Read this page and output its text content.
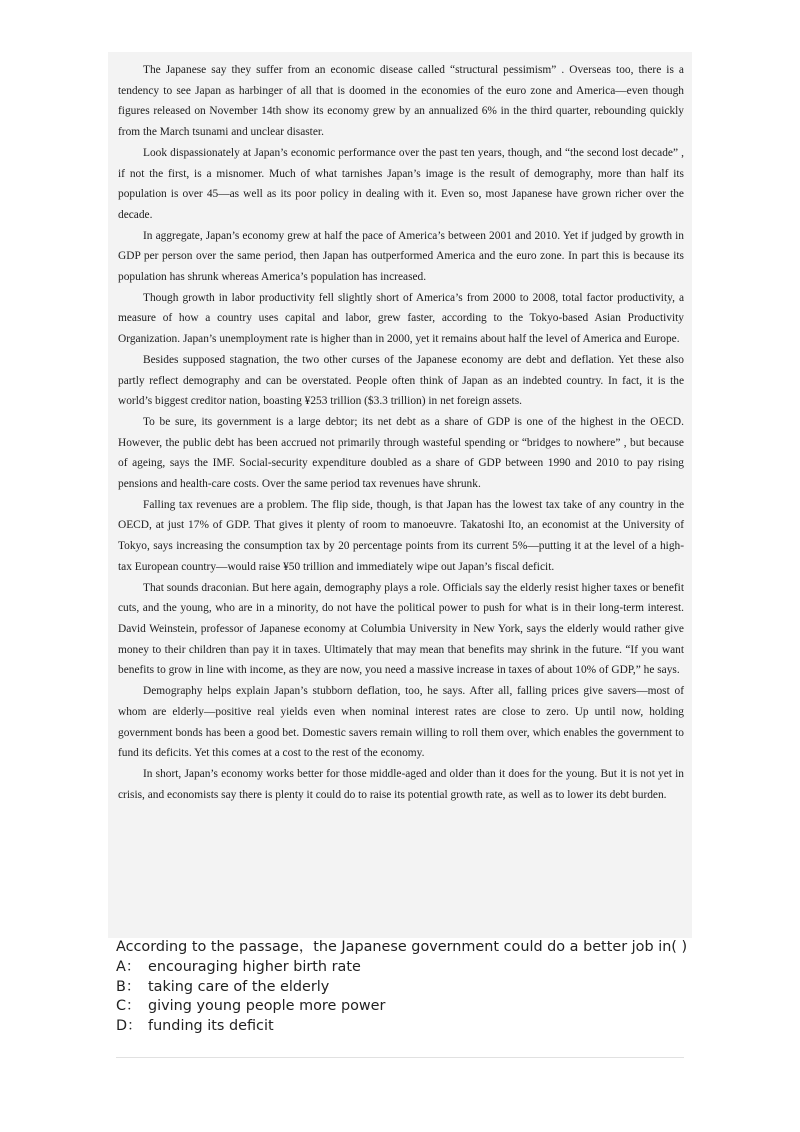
The Japanese say they suffer from an economic disease called “structural pessimism” . Overseas too, there is a tendency to see Japan as harbinger of all that is doomed in the economies of the euro zone and America—even though figures released on November 14th show its economy grew by an annualized 6% in the third quarter, rebounding quickly from the March tsunami and unclear disaster.

Look dispassionately at Japan’s economic performance over the past ten years, though, and “the second lost decade” , if not the first, is a misnomer. Much of what tarnishes Japan’s image is the result of demography, more than half its population is over 45—as well as its poor policy in dealing with it. Even so, most Japanese have grown richer over the decade.

In aggregate, Japan’s economy grew at half the pace of America’s between 2001 and 2010. Yet if judged by growth in GDP per person over the same period, then Japan has outperformed America and the euro zone. In part this is because its population has shrunk whereas America’s population has increased.

Though growth in labor productivity fell slightly short of America’s from 2000 to 2008, total factor productivity, a measure of how a country uses capital and labor, grew faster, according to the Tokyo-based Asian Productivity Organization. Japan’s unemployment rate is higher than in 2000, yet it remains about half the level of America and Europe.

Besides supposed stagnation, the two other curses of the Japanese economy are debt and deflation. Yet these also partly reflect demography and can be overstated. People often think of Japan as an indebted country. In fact, it is the world’s biggest creditor nation, boasting ¥253 trillion ($3.3 trillion) in net foreign assets.

To be sure, its government is a large debtor; its net debt as a share of GDP is one of the highest in the OECD. However, the public debt has been accrued not primarily through wasteful spending or “bridges to nowhere” , but because of ageing, says the IMF. Social-security expenditure doubled as a share of GDP between 1990 and 2010 to pay rising pensions and health-care costs. Over the same period tax revenues have shrunk.

Falling tax revenues are a problem. The flip side, though, is that Japan has the lowest tax take of any country in the OECD, at just 17% of GDP. That gives it plenty of room to manoeuvre. Takatoshi Ito, an economist at the University of Tokyo, says increasing the consumption tax by 20 percentage points from its current 5%—putting it at the level of a high-tax European country—would raise ¥50 trillion and immediately wipe out Japan’s fiscal deficit.

That sounds draconian. But here again, demography plays a role. Officials say the elderly resist higher taxes or benefit cuts, and the young, who are in a minority, do not have the political power to push for what is in their long-term interest. David Weinstein, professor of Japanese economy at Columbia University in New York, says the elderly would rather give money to their children than pay it in taxes. Ultimately that may mean that benefits may shrink in the future. “If you want benefits to grow in line with income, as they are now, you need a massive increase in taxes of about 10% of GDP,” he says.

Demography helps explain Japan’s stubborn deflation, too, he says. After all, falling prices give savers—most of whom are elderly—positive real yields even when nominal interest rates are close to zero. Up until now, holding government bonds has been a good bet. Domestic savers remain willing to roll them over, which enables the government to fund its deficits. Yet this comes at a cost to the rest of the economy.

In short, Japan’s economy works better for those middle-aged and older than it does for the young. But it is not yet in crisis, and economists say there is plenty it could do to raise its potential growth rate, as well as to lower its debt burden.

According to the passage，the Japanese government could do a better job in( )
A： encouraging higher birth rate
B： taking care of the elderly
C： giving young people more power
D： funding its deficit
